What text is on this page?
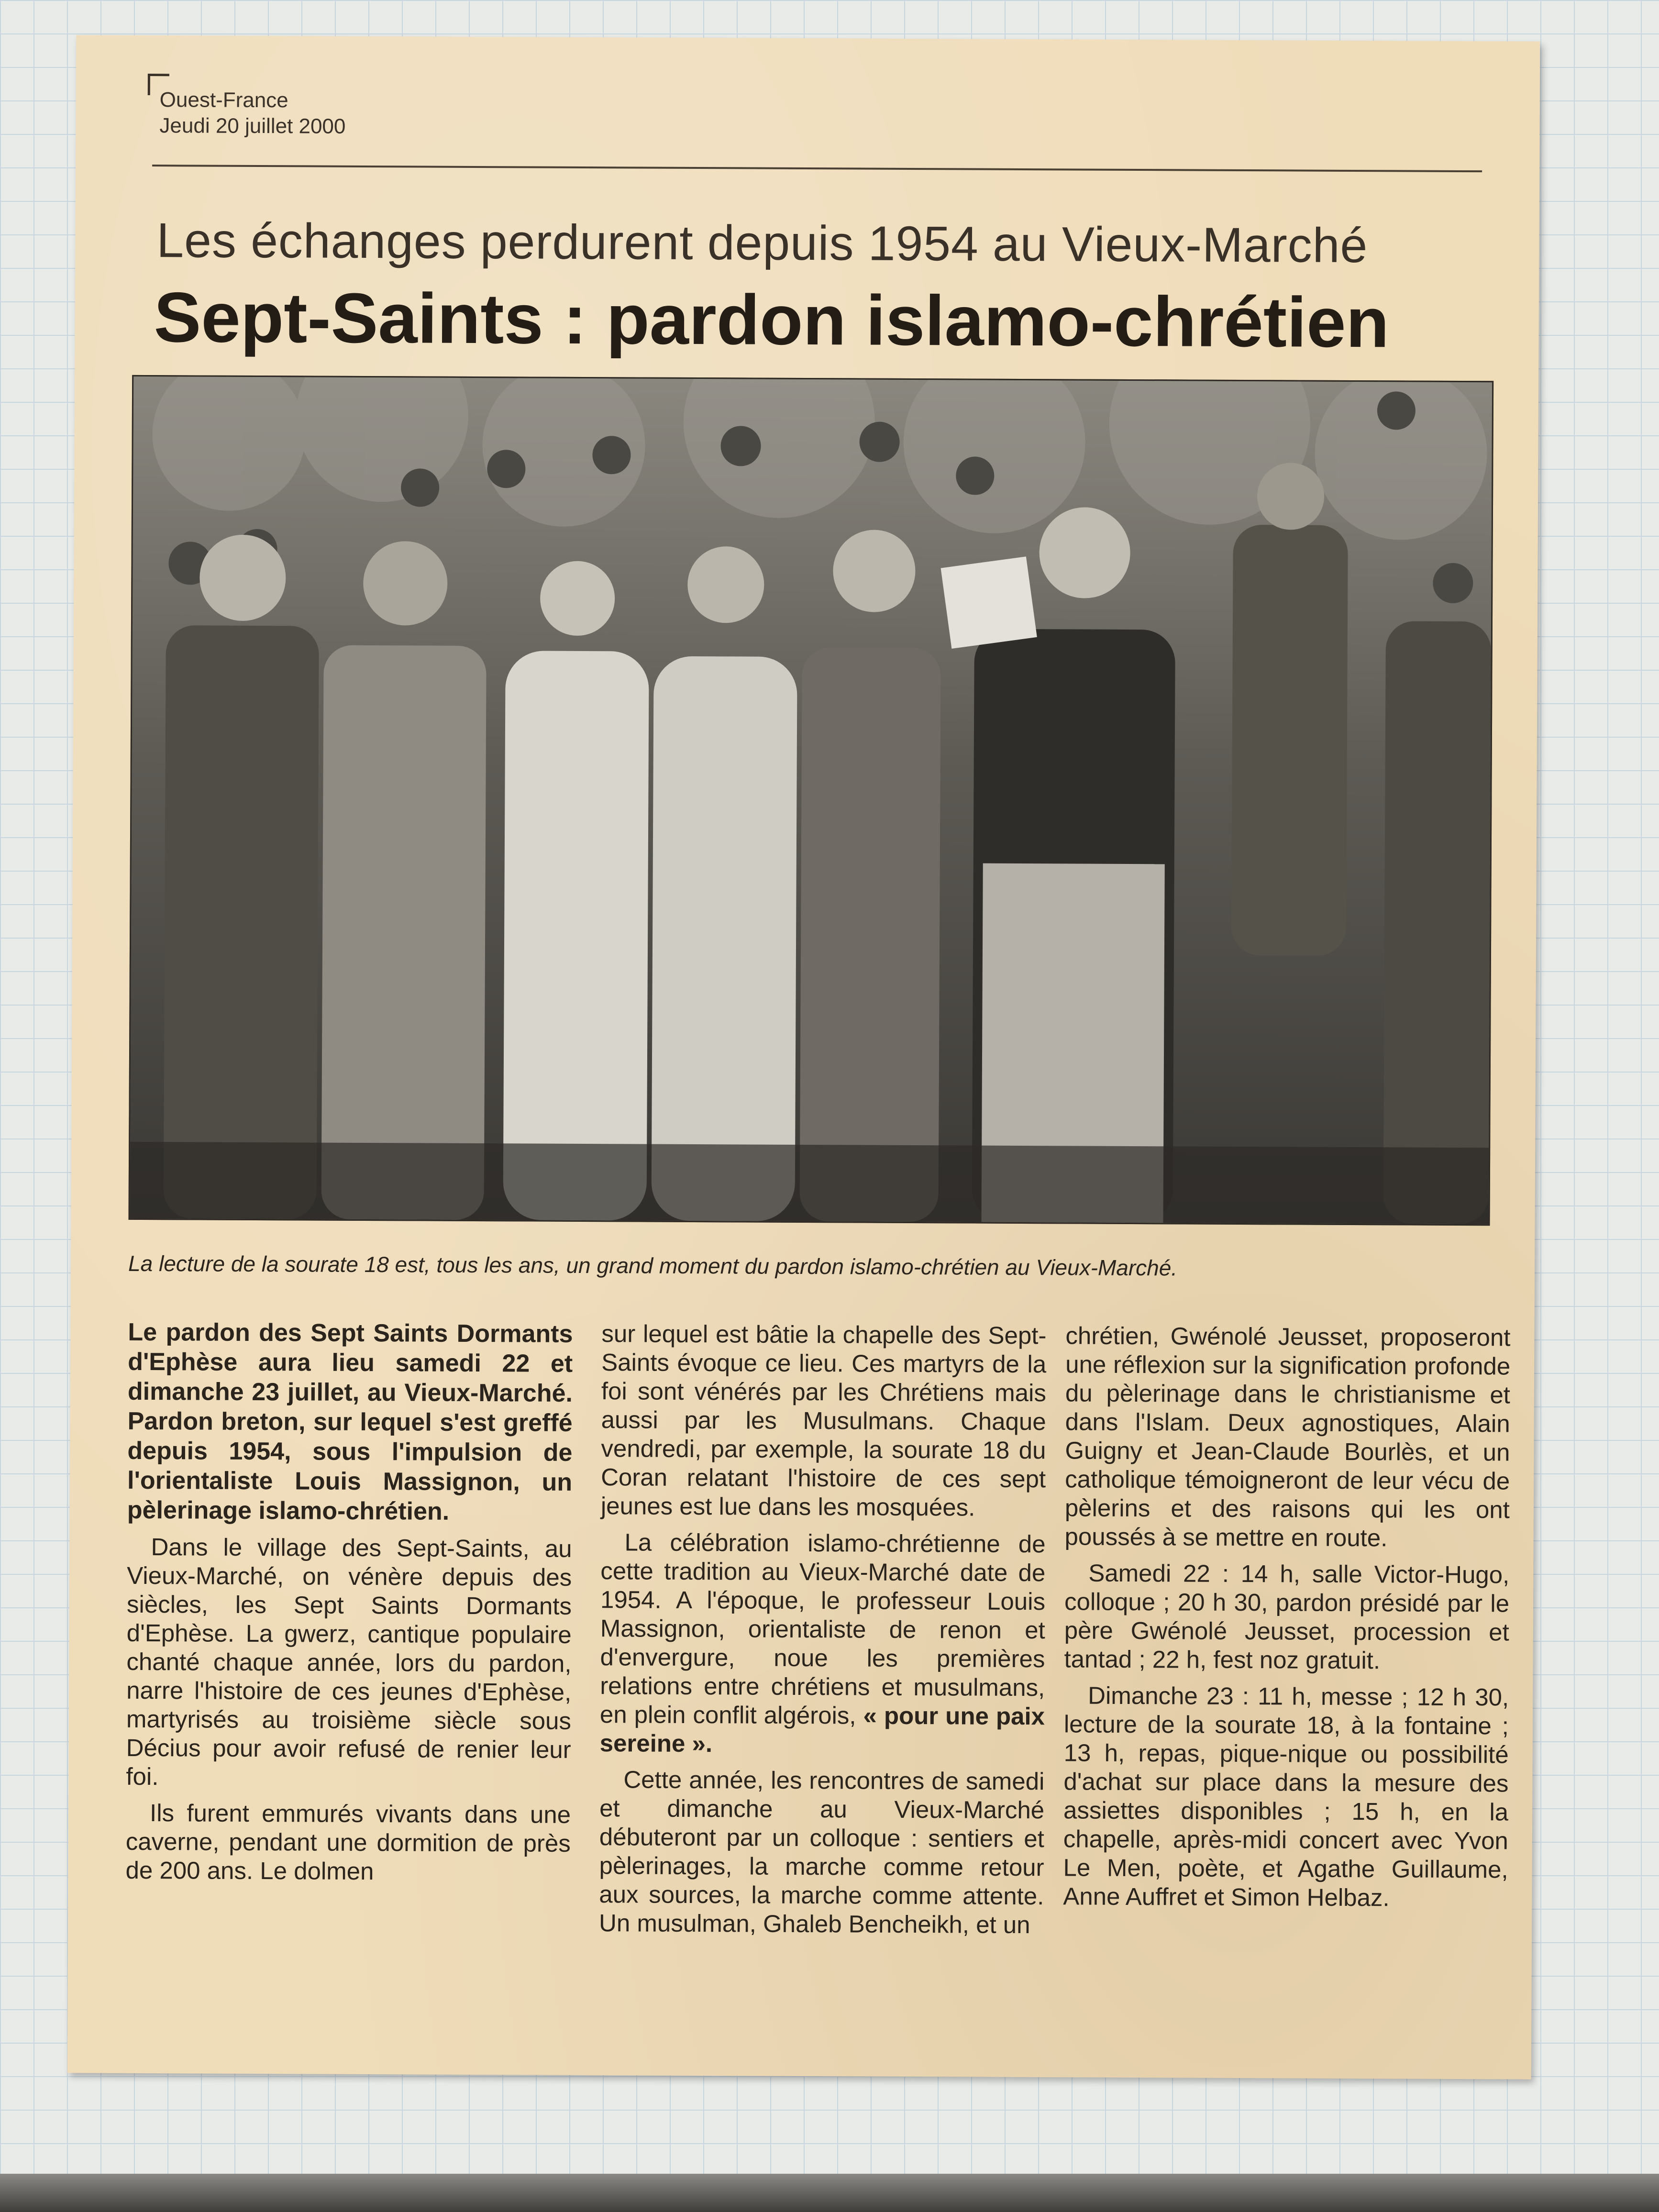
Ouest-France
Jeudi 20 juillet 2000
Les échanges perdurent depuis 1954 au Vieux-Marché
Sept-Saints : pardon islamo-chrétien
La lecture de la sourate 18 est, tous les ans, un grand moment du pardon islamo-chrétien au Vieux-Marché.

Le pardon des Sept Saints Dormants d'Ephèse aura lieu samedi 22 et dimanche 23 juillet, au Vieux-Marché. Pardon breton, sur lequel s'est greffé depuis 1954, sous l'impulsion de l'orientaliste Louis Massignon, un pèlerinage islamo-chrétien.

Dans le village des Sept-Saints, au Vieux-Marché, on vénère depuis des siècles, les Sept Saints Dormants d'Ephèse. La gwerz, cantique populaire chanté chaque année, lors du pardon, narre l'histoire de ces jeunes d'Ephèse, martyrisés au troisième siècle sous Décius pour avoir refusé de renier leur foi.

Ils furent emmurés vivants dans une caverne, pendant une dormition de près de 200 ans. Le dolmen

sur lequel est bâtie la chapelle des Sept-Saints évoque ce lieu. Ces martyrs de la foi sont vénérés par les Chrétiens mais aussi par les Musulmans. Chaque vendredi, par exemple, la sourate 18 du Coran relatant l'histoire de ces sept jeunes est lue dans les mosquées.

La célébration islamo-chrétienne de cette tradition au Vieux-Marché date de 1954. A l'époque, le professeur Louis Massignon, orientaliste de renon et d'envergure, noue les premières relations entre chrétiens et musulmans, en plein conflit algérois, « pour une paix sereine ».

Cette année, les rencontres de samedi et dimanche au Vieux-Marché débuteront par un colloque : sentiers et pèlerinages, la marche comme retour aux sources, la marche comme attente. Un musulman, Ghaleb Bencheikh, et un

chrétien, Gwénolé Jeusset, proposeront une réflexion sur la signification profonde du pèlerinage dans le christianisme et dans l'Islam. Deux agnostiques, Alain Guigny et Jean-Claude Bourlès, et un catholique témoigneront de leur vécu de pèlerins et des raisons qui les ont poussés à se mettre en route.

Samedi 22 : 14 h, salle Victor-Hugo, colloque ; 20 h 30, pardon présidé par le père Gwénolé Jeusset, procession et tantad ; 22 h, fest noz gratuit.

Dimanche 23 : 11 h, messe ; 12 h 30, lecture de la sourate 18, à la fontaine ; 13 h, repas, pique-nique ou possibilité d'achat sur place dans la mesure des assiettes disponibles ; 15 h, en la chapelle, après-midi concert avec Yvon Le Men, poète, et Agathe Guillaume, Anne Auffret et Simon Helbaz.
